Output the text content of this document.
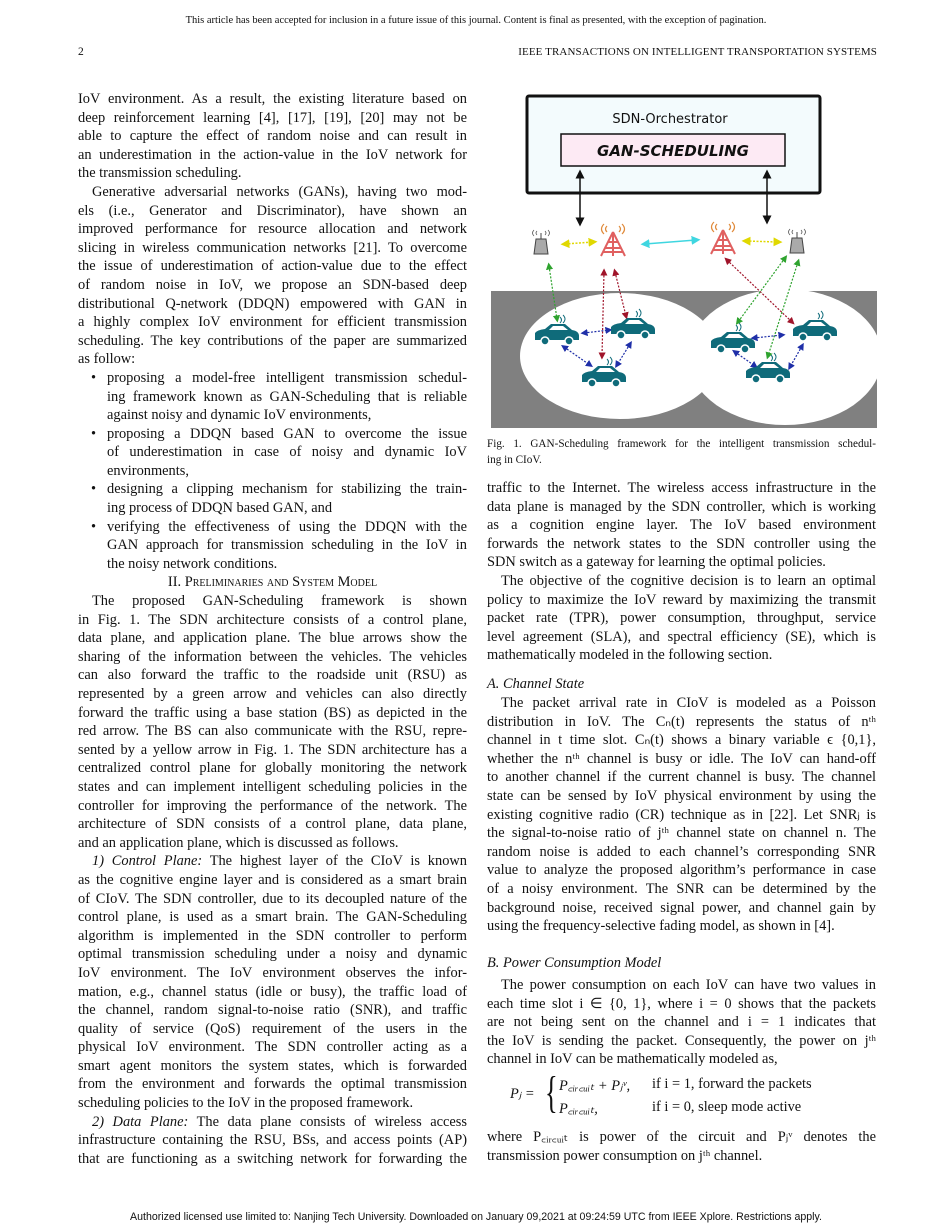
This article has been accepted for inclusion in a future issue of this journal. Content is final as presented, with the exception of pagination.
2	IEEE TRANSACTIONS ON INTELLIGENT TRANSPORTATION SYSTEMS
IoV environment. As a result, the existing literature based on
deep reinforcement learning [4], [17], [19], [20] may not be
able to capture the effect of random noise and can result in
an underestimation in the action-value in the IoV network for
the transmission scheduling.
Generative adversarial networks (GANs), having two mod-
els (i.e., Generator and Discriminator), have shown an
improved performance for resource allocation and network
slicing in wireless communication networks [21]. To overcome
the issue of underestimation of action-value due to the effect
of random noise in IoV, we propose an SDN-based deep
distributional Q-network (DDQN) empowered with GAN in
a highly complex IoV environment for efficient transmission
scheduling. The key contributions of the paper are summarized
as follow:
• proposing a model-free intelligent transmission schedul-
ing framework known as GAN-Scheduling that is reliable
against noisy and dynamic IoV environments,
• proposing a DDQN based GAN to overcome the issue
of underestimation in case of noisy and dynamic IoV
environments,
• designing a clipping mechanism for stabilizing the train-
ing process of DDQN based GAN, and
• verifying the effectiveness of using the DDQN with the
GAN approach for transmission scheduling in the IoV in
the noisy network conditions.
II. Preliminaries and System Model
The proposed GAN-Scheduling framework is shown
in Fig. 1. The SDN architecture consists of a control plane,
data plane, and application plane. The blue arrows show the
sharing of the information between the vehicles. The vehicles
can also forward the traffic to the roadside unit (RSU) as
represented by a green arrow and vehicles can also directly
forward the traffic using a base station (BS) as depicted in the
red arrow. The BS can also communicate with the RSU, repre-
sented by a yellow arrow in Fig. 1. The SDN architecture has a
centralized control plane for globally monitoring the network
states and can implement intelligent scheduling policies in the
controller for improving the performance of the network. The
architecture of SDN consists of a control plane, data plane,
and an application plane, which is discussed as follows.
1) Control Plane: The highest layer of the CIoV is known
as the cognitive engine layer and is considered as a smart brain
of CIoV. The SDN controller, due to its decoupled nature of the
control plane, is used as a smart brain. The GAN-Scheduling
algorithm is implemented in the SDN controller to perform
optimal transmission scheduling under a noisy and dynamic
IoV environment. The IoV environment observes the infor-
mation, e.g., channel status (idle or busy), the traffic load of
the channel, random signal-to-noise ratio (SNR), and traffic
quality of service (QoS) requirement of the users in the
physical IoV environment. The SDN controller acting as a
smart agent monitors the system states, which is forwarded
from the environment and forwards the optimal transmission
scheduling policies to the IoV in the proposed framework.
2) Data Plane: The data plane consists of wireless access
infrastructure containing the RSU, BSs, and access points (AP)
that are functioning as a switching network for forwarding the
SDN-Orchestrator
GAN-SCHEDULING
Fig. 1. GAN-Scheduling framework for the intelligent transmission schedul-
ing in CIoV.
traffic to the Internet. The wireless access infrastructure in the
data plane is managed by the SDN controller, which is working
as a cognition engine layer. The IoV based environment
forwards the network states to the SDN controller using the
SDN switch as a gateway for learning the optimal policies.
The objective of the cognitive decision is to learn an optimal
policy to maximize the IoV reward by maximizing the transmit
packet rate (TPR), power consumption, throughput, service
level agreement (SLA), and spectral efficiency (SE), which is
mathematically modeled in the following section.
A. Channel State
The packet arrival rate in CIoV is modeled as a Poisson
distribution in IoV. The Cₙ(t) represents the status of nᵗʰ
channel in t time slot. Cₙ(t) shows a binary variable ϵ {0,1},
whether the nᵗʰ channel is busy or idle. The IoV can hand-off
to another channel if the current channel is busy. The channel
state can be sensed by IoV physical environment by using the
existing cognitive radio (CR) technique as in [22]. Let SNRⱼ is
the signal-to-noise ratio of jᵗʰ channel state on channel n. The
random noise is added to each channel’s corresponding SNR
value to analyze the proposed algorithm’s performance in case
of a noisy environment. The SNR can be determined by the
background noise, received signal power, and channel gain by
using the frequency-selective fading model, as shown in [4].
B. Power Consumption Model
The power consumption on each IoV can have two values in
each time slot i ∈ {0, 1}, where i = 0 shows that the packets
are not being sent on the channel and i = 1 indicates that
the IoV is sending the packet. Consequently, the power on jᵗʰ
channel in IoV can be mathematically modeled as,
Pⱼ = { P꜀ᵢᵣ꜀ᵤᵢₜ + Pⱼᵛ, if i = 1, forward the packets
P꜀ᵢᵣ꜀ᵤᵢₜ,	if i = 0, sleep mode active
where P꜀ᵢᵣ꜀ᵤᵢₜ is power of the circuit and Pⱼᵛ denotes the
transmission power consumption on jᵗʰ channel.
Authorized licensed use limited to: Nanjing Tech University. Downloaded on January 09,2021 at 09:24:59 UTC from IEEE Xplore. Restrictions apply.
